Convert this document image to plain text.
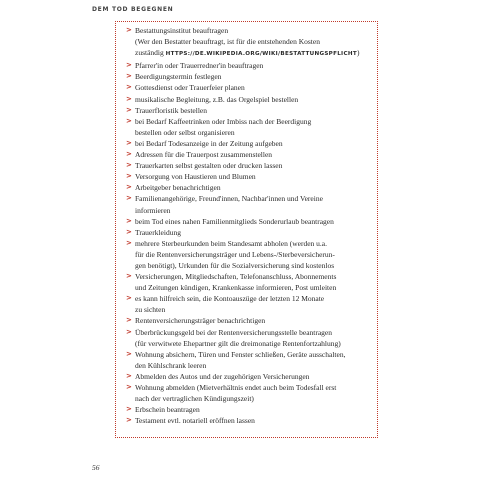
DEM TOD BEGEGNEN
> Bestattungsinstitut beauftragen
(Wer den Bestatter beauftragt, ist für die entstehenden Kosten
zuständig HTTPS://DE.WIKIPEDIA.ORG/WIKI/BESTATTUNGSPFLICHT)
> Pfarrer'in oder Trauerredner'in beauftragen
> Beerdigungstermin festlegen
> Gottesdienst oder Trauerfeier planen
> musikalische Begleitung, z.B. das Orgelspiel bestellen
> Trauerfloristik bestellen
> bei Bedarf Kaffeetrinken oder Imbiss nach der Beerdigung
bestellen oder selbst organisieren
> bei Bedarf Todesanzeige in der Zeitung aufgeben
> Adressen für die Trauerpost zusammenstellen
> Trauerkarten selbst gestalten oder drucken lassen
> Versorgung von Haustieren und Blumen
> Arbeitgeber benachrichtigen
> Familienangehörige, Freund'innen, Nachbar'innen und Vereine
informieren
> beim Tod eines nahen Familienmitglieds Sonderurlaub beantragen
> Trauerkleidung
> mehrere Sterbeurkunden beim Standesamt abholen (werden u.a.
für die Rentenversicherungsträger und Lebens-/Sterbeversicherun-
gen benötigt), Urkunden für die Sozialversicherung sind kostenlos
> Versicherungen, Mitgliedschaften, Telefonanschluss, Abonnements
und Zeitungen kündigen, Krankenkasse informieren, Post umleiten
> es kann hilfreich sein, die Kontoauszüge der letzten 12 Monate
zu sichten
> Rentenversicherungsträger benachrichtigen
> Überbrückungsgeld bei der Rentenversicherungsstelle beantragen
(für verwitwete Ehepartner gilt die dreimonatige Rentenfortzahlung)
> Wohnung absichern, Türen und Fenster schließen, Geräte ausschalten,
den Kühlschrank leeren
> Abmelden des Autos und der zugehörigen Versicherungen
> Wohnung abmelden (Mietverhältnis endet auch beim Todesfall erst
nach der vertraglichen Kündigungszeit)
> Erbschein beantragen
> Testament evtl. notariell eröffnen lassen
56
